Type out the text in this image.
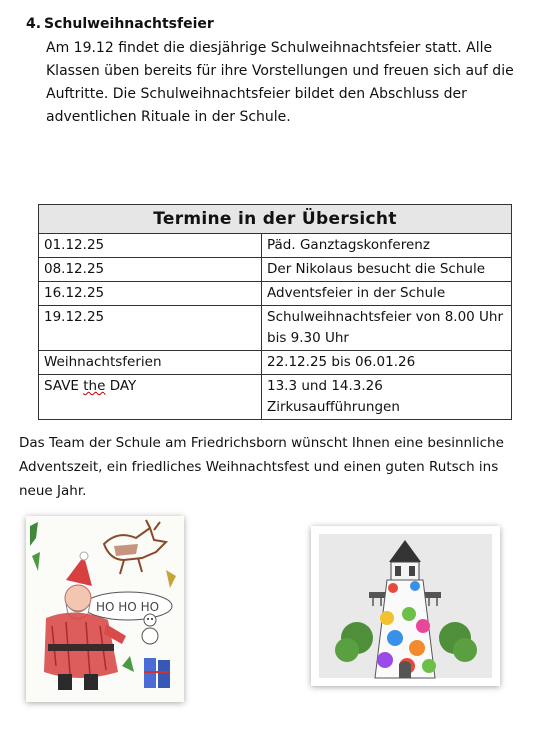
4. Schulweihnachtsfeier
Am 19.12 findet die diesjährige Schulweihnachtsfeier statt. Alle Klassen üben bereits für ihre Vorstellungen und freuen sich auf die Auftritte. Die Schulweihnachtsfeier bildet den Abschluss der adventlichen Rituale in der Schule.
Termine in der Übersicht	
01.12.25	Päd. Ganztagskonferenz
08.12.25	Der Nikolaus besucht die Schule
16.12.25	Adventsfeier in der Schule
19.12.25	Schulweihnachtsfeier von 8.00 Uhr bis 9.30 Uhr
Weihnachtsferien	22.12.25 bis 06.01.26
SAVE the DAY	13.3 und 14.3.26 Zirkusaufführungen
Das Team der Schule am Friedrichsborn wünscht Ihnen eine besinnliche Adventszeit, ein friedliches Weihnachtsfest und einen guten Rutsch ins neue Jahr.
HO HO HO
